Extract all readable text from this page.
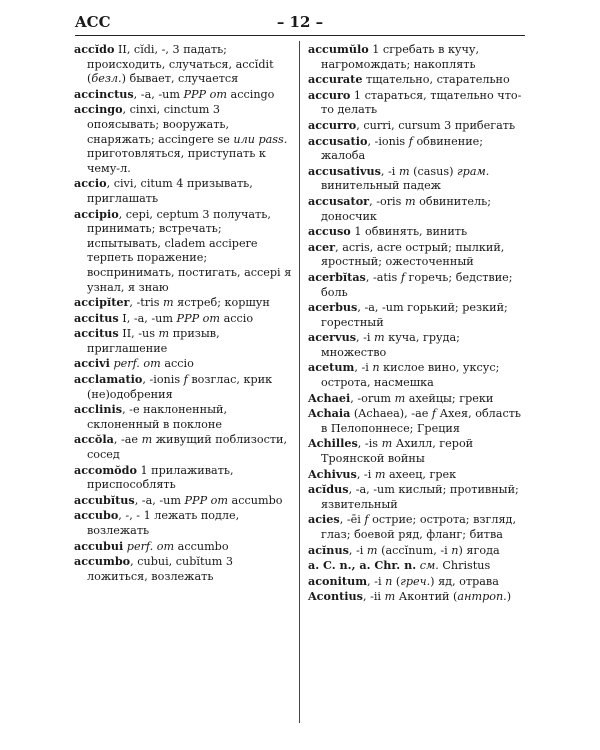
ACC	– 12 –

accĭdo II, cĭdi, -, 3 падать; происходить, случаться, accĭdit (безл.) бывает, случается

accinctus, -a, -um PPP от accingo

accingo, cinxi, cinctum 3 опоясывать; вооружать, снаряжать; accingere se или pass. приготовляться, приступать к чему-л.

accio, civi, citum 4 призывать, приглашать

accipio, cepi, ceptum 3 получать, принимать; встречать; испытывать, cladem accipere терпеть поражение; воспринимать, постигать, accepi я узнал, я знаю

accipĭter, -tris m ястреб; коршун

accitus I, -a, -um PPP от accio

accitus II, -us m призыв, приглашение

accivi perf. от accio

acclamatio, -ionis f возглас, крик (не)одобрения

acclinis, -e наклоненный, склоненный в поклоне

accŏla, -ae m живущий поблизости, сосед

accomŏdo 1 прилаживать, приспособлять

accubĭtus, -a, -um PPP от accumbo

accubo, -, - 1 лежать подле, возлежать

accubui perf. от accumbo

accumbo, cubui, cubĭtum 3 ложиться, возлежать

accumŭlo 1 сгребать в кучу, нагромождать; накоплять

accurate тщательно, старательно

accuro 1 стараться, тщательно что-то делать

accurro, curri, cursum 3 прибегать

accusatio, -ionis f обвинение; жалоба

accusativus, -i m (casus) грам. винительный падеж

accusator, -oris m обвинитель; доносчик

accuso 1 обвинять, винить

acer, acris, acre острый; пылкий, яростный; ожесточенный

acerbĭtas, -atis f горечь; бедствие; боль

acerbus, -a, -um горький; резкий; горестный

acervus, -i m куча, груда; множество

acetum, -i n кислое вино, уксус; острота, насмешка

Achaei, -orum m ахейцы; греки

Achaia (Achaea), -ae f Ахея, область в Пелопоннесе; Греция

Achilles, -is m Ахилл, герой Троянской войны

Achivus, -i m ахеец, грек

acĭdus, -a, -um кислый; противный; язвительный

acies, -ēi f острие; острота; взгляд, глаз; боевой ряд, фланг; битва

acĭnus, -i m (accĭnum, -i n) ягода

a. C. n., a. Chr. n. см. Christus

aconitum, -i n (греч.) яд, отрава

Acontius, -ii m Аконтий (антроп.)
